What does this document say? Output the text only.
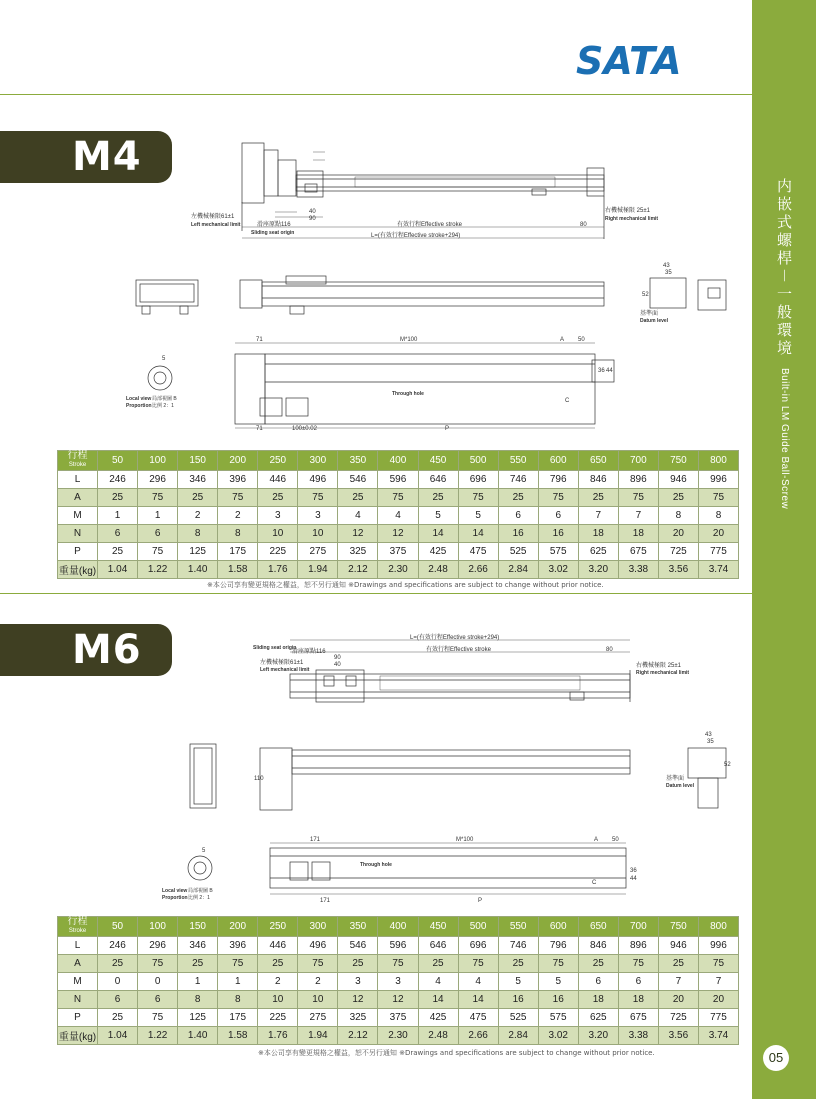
内嵌式螺桿－一般環境Built-in LM Guide Ball-Screw
05
SATA
M4
左機械極限61±1
Left mechanical limit	滑座原點116
Sliding seat origin
有效行程Effective stroke
L=(有效行程Effective stroke+294)
右機械極限 25±1
Right mechanical limit
80
40
90
43
35
52
基準面
Datum level
71	M*100	A 50
71	100±0.02	P
C
36 44
5
Through hole
Local view 局部視圖 B
Proportion 比例 2：1
行程
Stroke	50	100	150	200	250	300	350	400	450	500	550	600	650	700	750	800
L	246	296	346	396	446	496	546	596	646	696	746	796	846	896	946	996
A	25	75	25	75	25	75	25	75	25	75	25	75	25	75	25	75
M	1	1	2	2	3	3	4	4	5	5	6	6	7	7	8	8
N	6	6	8	8	10	10	12	12	14	14	16	16	18	18	20	20
P	25	75	125	175	225	275	325	375	425	475	525	575	625	675	725	775
重量(kg)	1.04	1.22	1.40	1.58	1.76	1.94	2.12	2.30	2.48	2.66	2.84	3.02	3.20	3.38	3.56	3.74
※本公司享有變更規格之權益，恕不另行通知 ※Drawings and specifications are subject to change without prior notice.
M6	Sliding seat origin
滑座原點116
L=(有效行程Effective stroke+294)
有效行程Effective stroke
左機械極限61±1
Left mechanical limit
右機械極限 25±1
Right mechanical limit
80
90
40
110
43
35
52
基準面
Datum level
171	M*100	A 50
171	P
C
36
44
5
Through hole
Local view 局部視圖 B
Proportion 比例 2：1
行程
Stroke	50	100	150	200	250	300	350	400	450	500	550	600	650	700	750	800
L	246	296	346	396	446	496	546	596	646	696	746	796	846	896	946	996
A	25	75	25	75	25	75	25	75	25	75	25	75	25	75	25	75
M	0	0	1	1	2	2	3	3	4	4	5	5	6	6	7	7
N	6	6	8	8	10	10	12	12	14	14	16	16	18	18	20	20
P	25	75	125	175	225	275	325	375	425	475	525	575	625	675	725	775
重量(kg)	1.04	1.22	1.40	1.58	1.76	1.94	2.12	2.30	2.48	2.66	2.84	3.02	3.20	3.38	3.56	3.74
※本公司享有變更規格之權益，恕不另行通知 ※Drawings and specifications are subject to change without prior notice.
